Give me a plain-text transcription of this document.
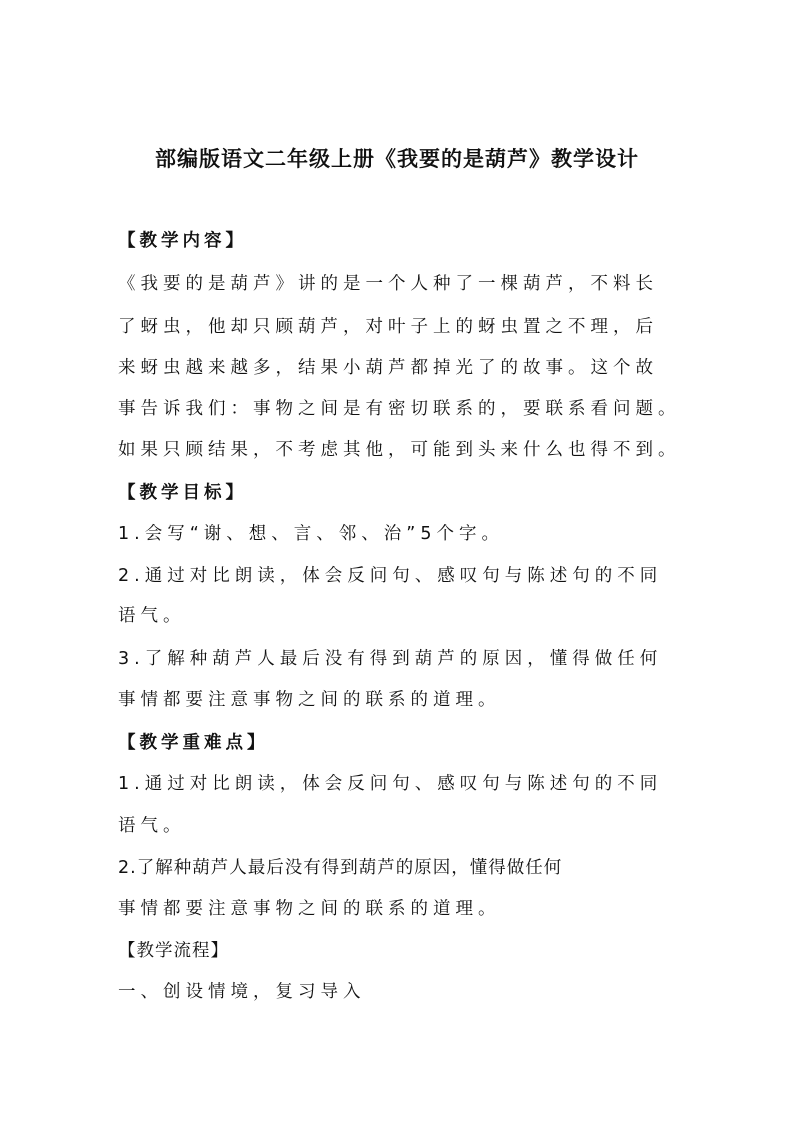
部编版语文二年级上册《我要的是葫芦》教学设计
【教学内容】
《我要的是葫芦》讲的是一个人种了一棵葫芦，不料长
了蚜虫，他却只顾葫芦，对叶子上的蚜虫置之不理，后
来蚜虫越来越多，结果小葫芦都掉光了的故事。这个故
事告诉我们：事物之间是有密切联系的，要联系看问题。
如果只顾结果，不考虑其他，可能到头来什么也得不到。
【教学目标】
1.会写“谢、想、言、邻、治”5个字。
2.通过对比朗读，体会反问句、感叹句与陈述句的不同
语气。
3.了解种葫芦人最后没有得到葫芦的原因，懂得做任何
事情都要注意事物之间的联系的道理。
【教学重难点】
1.通过对比朗读，体会反问句、感叹句与陈述句的不同
语气。
2.了解种葫芦人最后没有得到葫芦的原因，懂得做任何
事情都要注意事物之间的联系的道理。
【教学流程】
一、创设情境，复习导入
